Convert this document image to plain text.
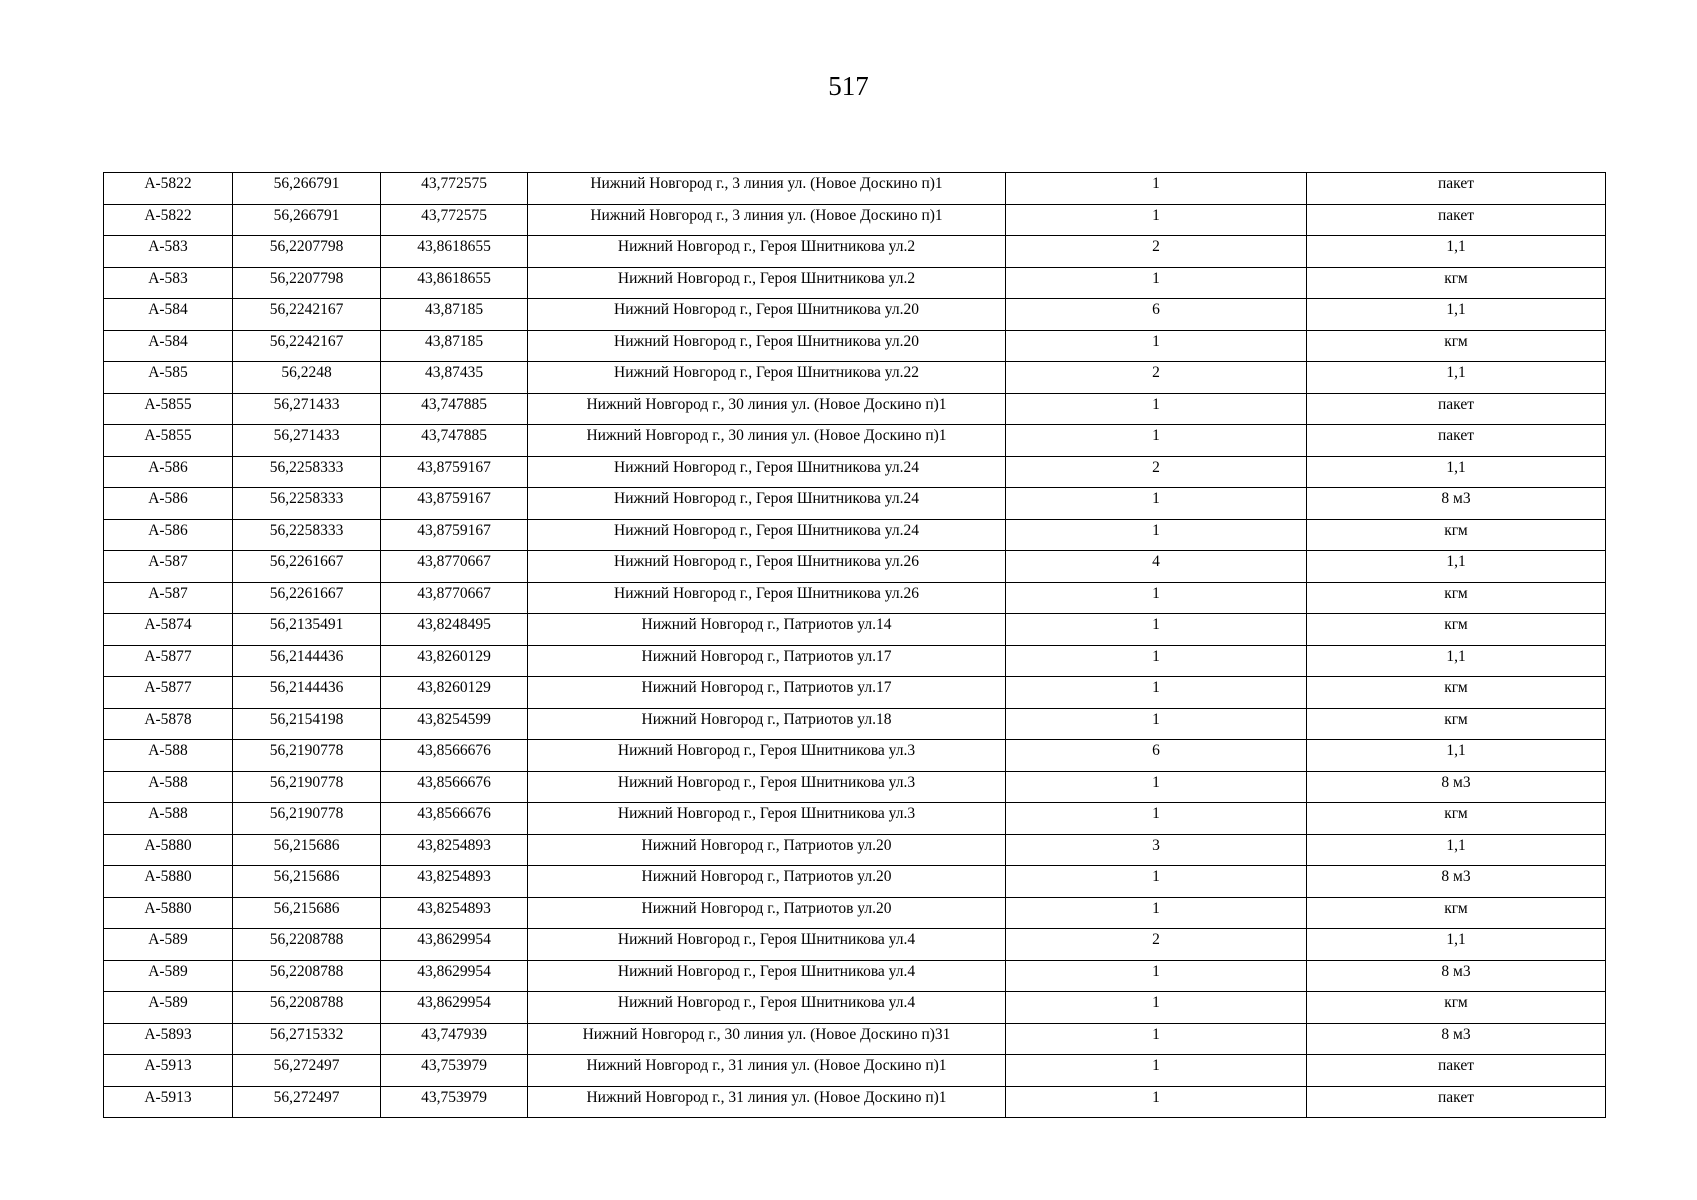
517
А-5822	56,266791	43,772575	Нижний Новгород г., 3 линия ул. (Новое Доскино п)1	1	пакет
А-5822	56,266791	43,772575	Нижний Новгород г., 3 линия ул. (Новое Доскино п)1	1	пакет
А-583	56,2207798	43,8618655	Нижний Новгород г., Героя Шнитникова ул.2	2	1,1
А-583	56,2207798	43,8618655	Нижний Новгород г., Героя Шнитникова ул.2	1	кгм
А-584	56,2242167	43,87185	Нижний Новгород г., Героя Шнитникова ул.20	6	1,1
А-584	56,2242167	43,87185	Нижний Новгород г., Героя Шнитникова ул.20	1	кгм
А-585	56,2248	43,87435	Нижний Новгород г., Героя Шнитникова ул.22	2	1,1
А-5855	56,271433	43,747885	Нижний Новгород г., 30 линия ул. (Новое Доскино п)1	1	пакет
А-5855	56,271433	43,747885	Нижний Новгород г., 30 линия ул. (Новое Доскино п)1	1	пакет
А-586	56,2258333	43,8759167	Нижний Новгород г., Героя Шнитникова ул.24	2	1,1
А-586	56,2258333	43,8759167	Нижний Новгород г., Героя Шнитникова ул.24	1	8 м3
А-586	56,2258333	43,8759167	Нижний Новгород г., Героя Шнитникова ул.24	1	кгм
А-587	56,2261667	43,8770667	Нижний Новгород г., Героя Шнитникова ул.26	4	1,1
А-587	56,2261667	43,8770667	Нижний Новгород г., Героя Шнитникова ул.26	1	кгм
А-5874	56,2135491	43,8248495	Нижний Новгород г., Патриотов ул.14	1	кгм
А-5877	56,2144436	43,8260129	Нижний Новгород г., Патриотов ул.17	1	1,1
А-5877	56,2144436	43,8260129	Нижний Новгород г., Патриотов ул.17	1	кгм
А-5878	56,2154198	43,8254599	Нижний Новгород г., Патриотов ул.18	1	кгм
А-588	56,2190778	43,8566676	Нижний Новгород г., Героя Шнитникова ул.3	6	1,1
А-588	56,2190778	43,8566676	Нижний Новгород г., Героя Шнитникова ул.3	1	8 м3
А-588	56,2190778	43,8566676	Нижний Новгород г., Героя Шнитникова ул.3	1	кгм
А-5880	56,215686	43,8254893	Нижний Новгород г., Патриотов ул.20	3	1,1
А-5880	56,215686	43,8254893	Нижний Новгород г., Патриотов ул.20	1	8 м3
А-5880	56,215686	43,8254893	Нижний Новгород г., Патриотов ул.20	1	кгм
А-589	56,2208788	43,8629954	Нижний Новгород г., Героя Шнитникова ул.4	2	1,1
А-589	56,2208788	43,8629954	Нижний Новгород г., Героя Шнитникова ул.4	1	8 м3
А-589	56,2208788	43,8629954	Нижний Новгород г., Героя Шнитникова ул.4	1	кгм
А-5893	56,2715332	43,747939	Нижний Новгород г., 30 линия ул. (Новое Доскино п)31	1	8 м3
А-5913	56,272497	43,753979	Нижний Новгород г., 31 линия ул. (Новое Доскино п)1	1	пакет
А-5913	56,272497	43,753979	Нижний Новгород г., 31 линия ул. (Новое Доскино п)1	1	пакет
